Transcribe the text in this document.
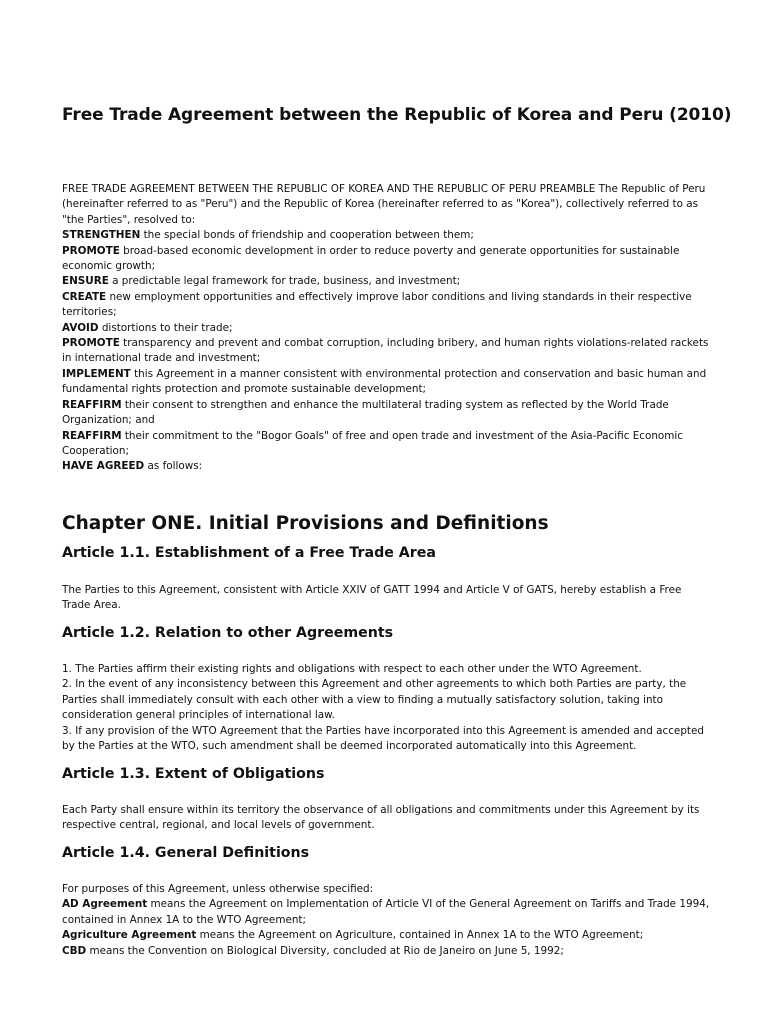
Free Trade Agreement between the Republic of Korea and Peru (2010)
FREE TRADE AGREEMENT BETWEEN THE REPUBLIC OF KOREA AND THE REPUBLIC OF PERU PREAMBLE The Republic of Peru (hereinafter referred to as "Peru") and the Republic of Korea (hereinafter referred to as "Korea"), collectively referred to as "the Parties", resolved to:
STRENGTHEN the special bonds of friendship and cooperation between them;
PROMOTE broad-based economic development in order to reduce poverty and generate opportunities for sustainable economic growth;
ENSURE a predictable legal framework for trade, business, and investment;
CREATE new employment opportunities and effectively improve labor conditions and living standards in their respective territories;
AVOID distortions to their trade;
PROMOTE transparency and prevent and combat corruption, including bribery, and human rights violations-related rackets in international trade and investment;
IMPLEMENT this Agreement in a manner consistent with environmental protection and conservation and basic human and fundamental rights protection and promote sustainable development;
REAFFIRM their consent to strengthen and enhance the multilateral trading system as reflected by the World Trade Organization; and
REAFFIRM their commitment to the "Bogor Goals" of free and open trade and investment of the Asia-Pacific Economic Cooperation;
HAVE AGREED as follows:
Chapter ONE. Initial Provisions and Definitions
Article 1.1. Establishment of a Free Trade Area
The Parties to this Agreement, consistent with Article XXIV of GATT 1994 and Article V of GATS, hereby establish a Free Trade Area.
Article 1.2. Relation to other Agreements
1. The Parties affirm their existing rights and obligations with respect to each other under the WTO Agreement.
2. In the event of any inconsistency between this Agreement and other agreements to which both Parties are party, the Parties shall immediately consult with each other with a view to finding a mutually satisfactory solution, taking into consideration general principles of international law.
3. If any provision of the WTO Agreement that the Parties have incorporated into this Agreement is amended and accepted by the Parties at the WTO, such amendment shall be deemed incorporated automatically into this Agreement.
Article 1.3. Extent of Obligations
Each Party shall ensure within its territory the observance of all obligations and commitments under this Agreement by its respective central, regional, and local levels of government.
Article 1.4. General Definitions
For purposes of this Agreement, unless otherwise specified:
AD Agreement means the Agreement on Implementation of Article VI of the General Agreement on Tariffs and Trade 1994, contained in Annex 1A to the WTO Agreement;
Agriculture Agreement means the Agreement on Agriculture, contained in Annex 1A to the WTO Agreement;
CBD means the Convention on Biological Diversity, concluded at Rio de Janeiro on June 5, 1992;
